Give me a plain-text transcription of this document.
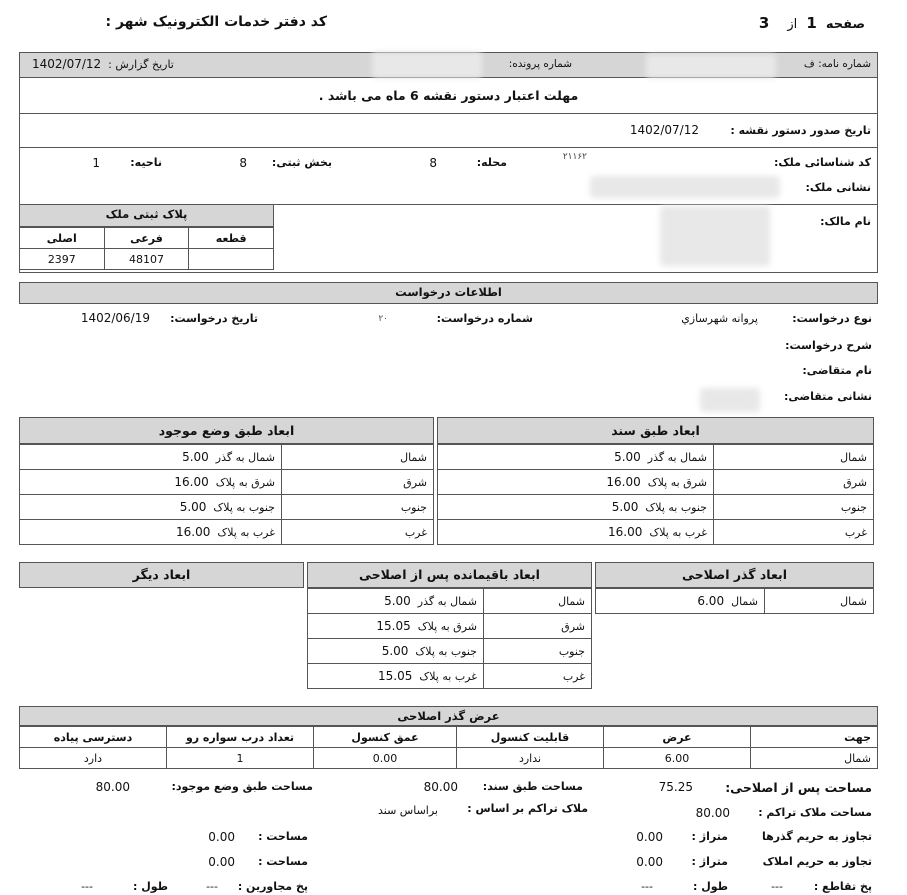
صفحه  1  از    3
کد دفتر خدمات الکترونیک شهر :
شماره نامه: ف
شماره پرونده:
تاریخ گزارش :  1402/07/12
مهلت اعتبار دستور نقشه 6 ماه می باشد .
تاریخ صدور دستور نقشه :
1402/07/12
کد شناسائی ملک:
۲۱۱۶۲
محله:
8
بخش ثبتی:
8
ناحیه:
1
نشانی ملک:
نام مالک:
پلاک ثبتی ملک
اصلی	فرعی	قطعه
2397	48107	
اطلاعات درخواست
نوع درخواست:
پروانه شهرسازي
شماره درخواست:
۲۰
تاریخ درخواست:
1402/06/19
شرح درخواست:
نام متقاضی:
نشانی متقاضی:
ابعاد طبق سند
شمال به گذر  5.00	شمال
شرق به پلاک  16.00	شرق
جنوب به پلاک  5.00	جنوب
غرب به پلاک  16.00	غرب
ابعاد طبق وضع موجود
شمال به گذر  5.00	شمال
شرق به پلاک  16.00	شرق
جنوب به پلاک  5.00	جنوب
غرب به پلاک  16.00	غرب
ابعاد گذر اصلاحی
شمال  6.00	شمال
ابعاد باقیمانده پس از اصلاحی
شمال به گذر  5.00	شمال
شرق به پلاک  15.05	شرق
جنوب به پلاک  5.00	جنوب
غرب به پلاک  15.05	غرب
ابعاد دیگر
عرض گذر اصلاحی
دسترسی پیاده	تعداد درب سواره رو	عمق کنسول	قابلیت کنسول	عرض	جهت
دارد	1	0.00	ندارد	6.00	شمال
مساحت پس از اصلاحی:
75.25
مساحت طبق سند:
80.00
مساحت طبق وضع موجود:
80.00
مساحت ملاک تراکم :
80.00
ملاک تراکم بر اساس :
براساس سند
تجاوز به حریم گذرها
متراژ :
0.00
مساحت :
0.00
تجاوز به حریم املاک
متراژ :
0.00
مساحت :
0.00
پخ تقاطع :
---
طول :
---
پخ مجاورین :
---
طول :
---
